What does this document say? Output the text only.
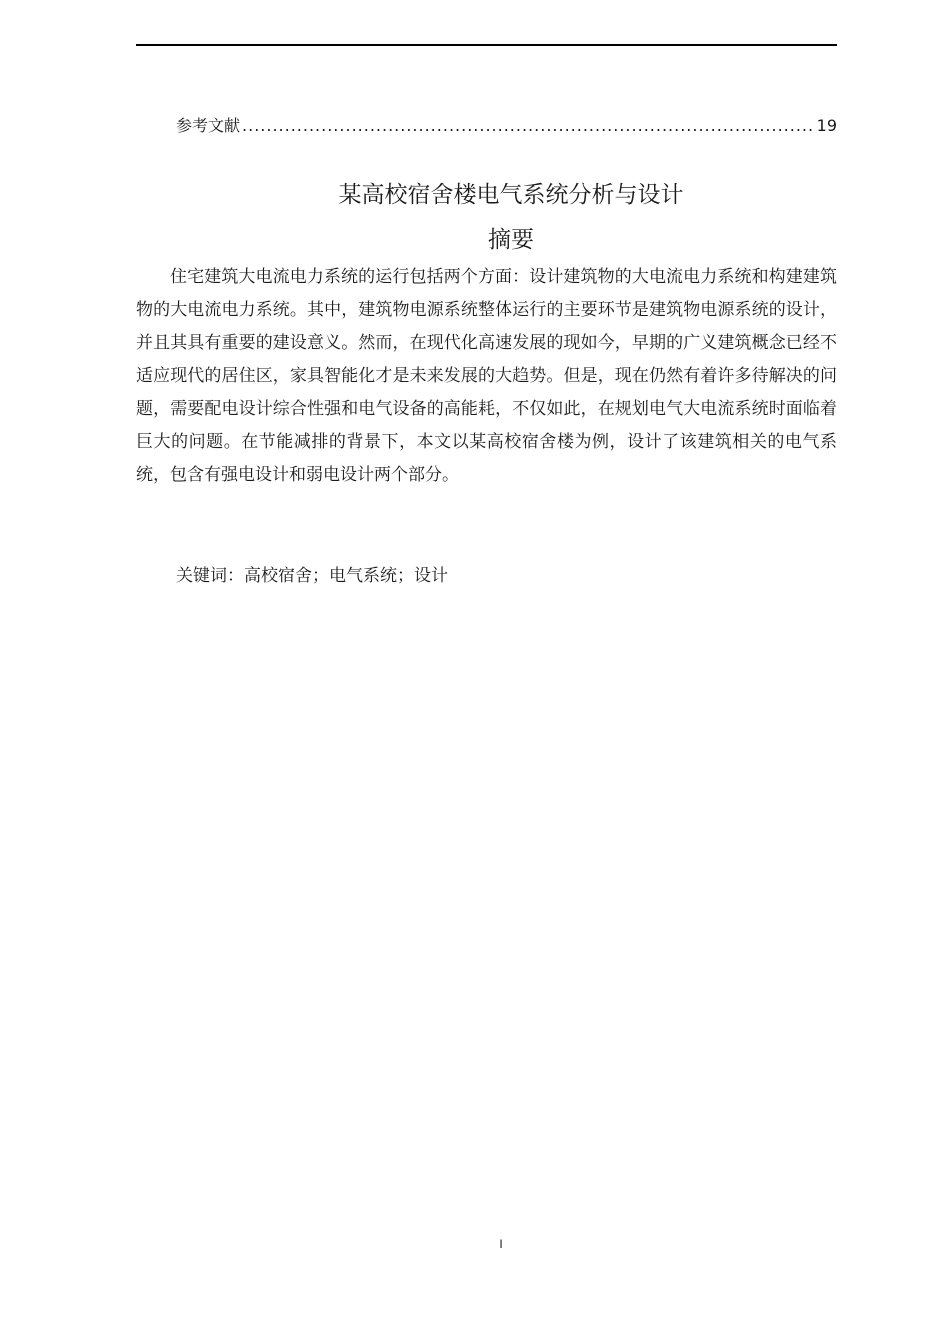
参考文献
.....	19
某高校宿舍楼电气系统分析与设计
摘要

住宅建筑大电流电力系统的运行包括两个方面：设计建筑物的大电流电力系统和构建建筑物的大电流电力系统。其中，建筑物电源系统整体运行的主要环节是建筑物电源系统的设计，并且其具有重要的建设意义。然而，在现代化高速发展的现如今，早期的广义建筑概念已经不适应现代的居住区，家具智能化才是未来发展的大趋势。但是，现在仍然有着许多待解决的问题，需要配电设计综合性强和电气设备的高能耗，不仅如此，在规划电气大电流系统时面临着巨大的问题。在节能减排的背景下，本文以某高校宿舍楼为例，设计了该建筑相关的电气系统，包含有强电设计和弱电设计两个部分。

关键词：高校宿舍；电气系统；设计

I
